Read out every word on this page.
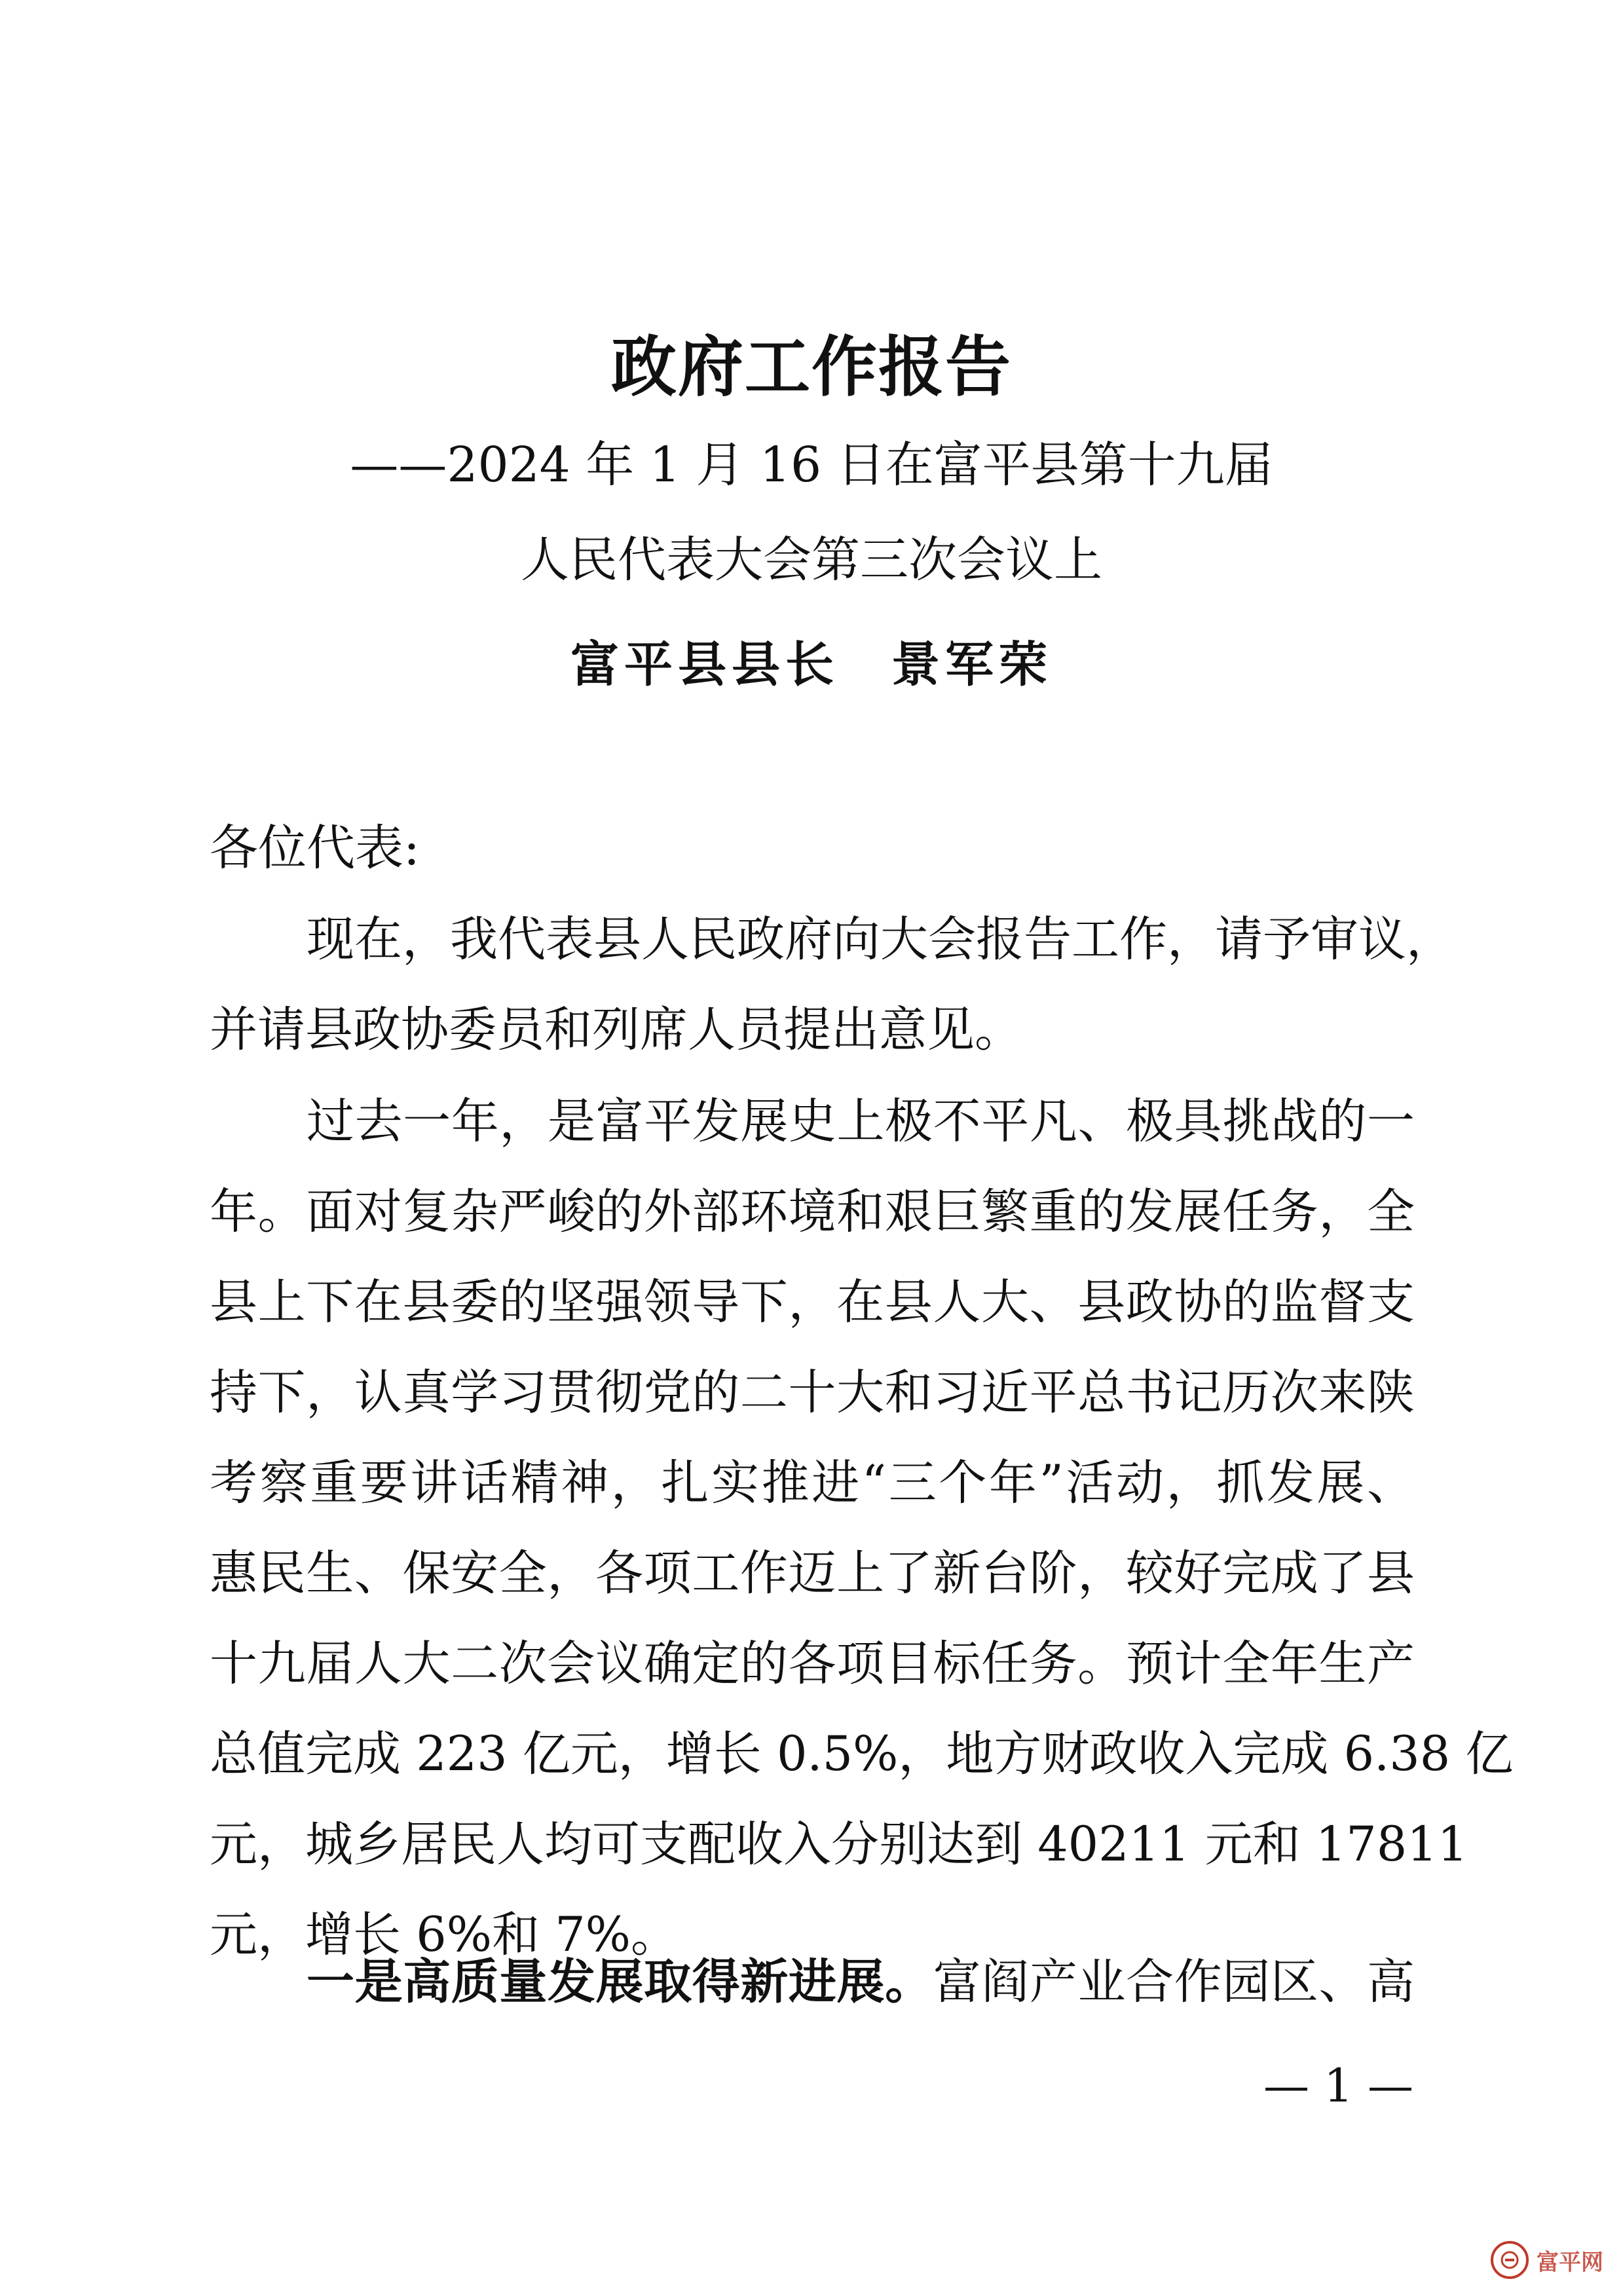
政府工作报告
——2024 年 1 月 16 日在富平县第十九届
人民代表大会第三次会议上
富平县县长 景军荣
各位代表:
现在，我代表县人民政府向大会报告工作，请予审议，
并请县政协委员和列席人员提出意见。
过去一年，是富平发展史上极不平凡、极具挑战的一
年。面对复杂严峻的外部环境和艰巨繁重的发展任务，全
县上下在县委的坚强领导下，在县人大、县政协的监督支
持下，认真学习贯彻党的二十大和习近平总书记历次来陕
考察重要讲话精神，扎实推进“三个年”活动，抓发展、
惠民生、保安全，各项工作迈上了新台阶，较好完成了县
十九届人大二次会议确定的各项目标任务。预计全年生产
总值完成 223 亿元，增长 0.5%，地方财政收入完成 6.38 亿
元，城乡居民人均可支配收入分别达到 40211 元和 17811
元，增长 6%和 7%。
一是高质量发展取得新进展。富阎产业合作园区、高
— 1 —
富平网
